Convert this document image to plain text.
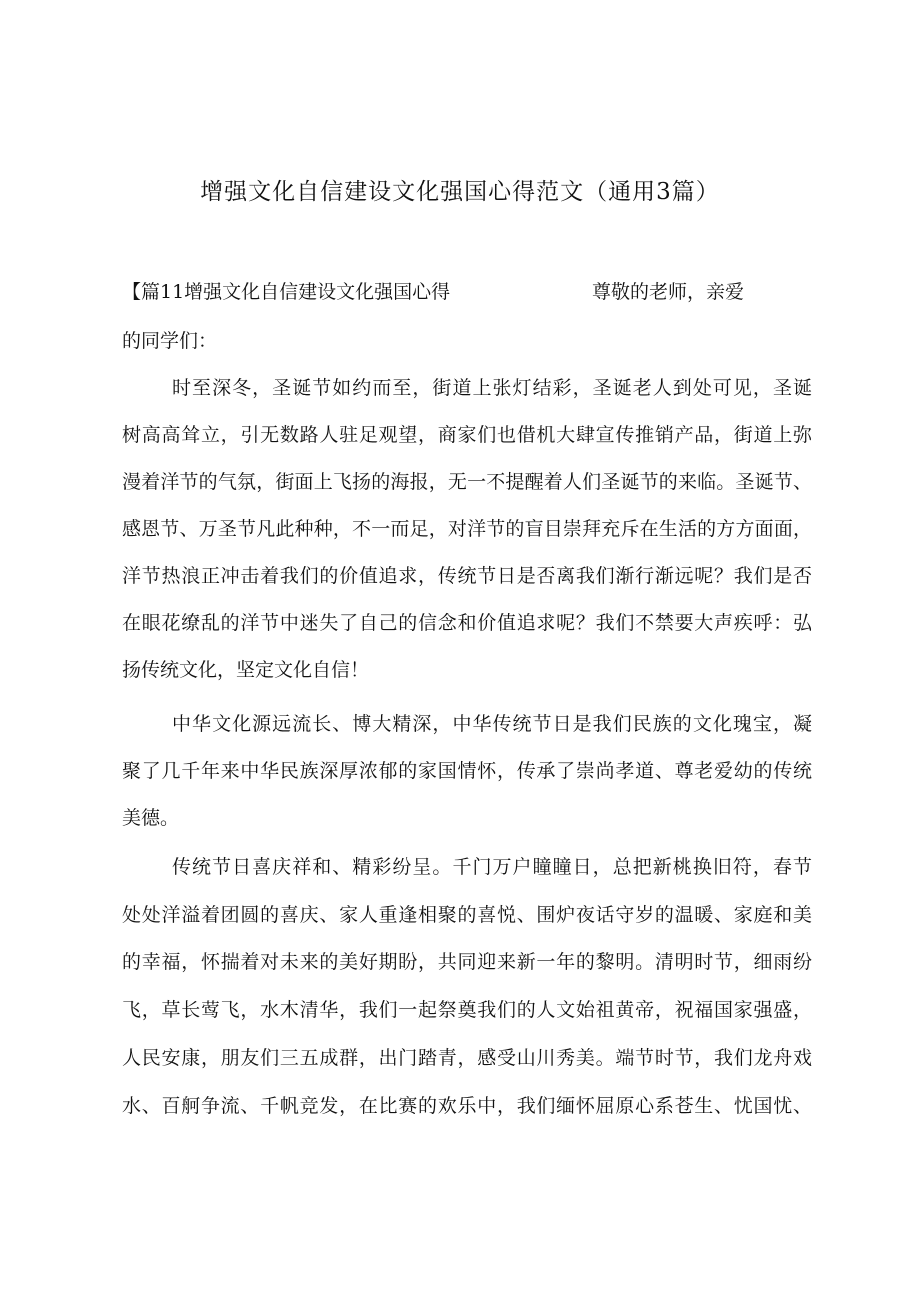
增强文化自信建设文化强国心得范文（通用3篇）
【篇11增强文化自信建设文化强国心得	尊敬的老师，亲爱
的同学们：
时至深冬，圣诞节如约而至，街道上张灯结彩，圣诞老人到处可见，圣诞
树高高耸立，引无数路人驻足观望，商家们也借机大肆宣传推销产品，街道上弥
漫着洋节的气氛，街面上飞扬的海报，无一不提醒着人们圣诞节的来临。圣诞节、
感恩节、万圣节凡此种种，不一而足，对洋节的盲目崇拜充斥在生活的方方面面，
洋节热浪正冲击着我们的价值追求，传统节日是否离我们渐行渐远呢？我们是否
在眼花缭乱的洋节中迷失了自己的信念和价值追求呢？我们不禁要大声疾呼：弘
扬传统文化，坚定文化自信！
中华文化源远流长、博大精深，中华传统节日是我们民族的文化瑰宝，凝
聚了几千年来中华民族深厚浓郁的家国情怀，传承了崇尚孝道、尊老爱幼的传统
美德。
传统节日喜庆祥和、精彩纷呈。千门万户瞳瞳日，总把新桃换旧符，春节
处处洋溢着团圆的喜庆、家人重逢相聚的喜悦、围炉夜话守岁的温暖、家庭和美
的幸福，怀揣着对未来的美好期盼，共同迎来新一年的黎明。清明时节，细雨纷
飞，草长莺飞，水木清华，我们一起祭奠我们的人文始祖黄帝，祝福国家强盛，
人民安康，朋友们三五成群，出门踏青，感受山川秀美。端节时节，我们龙舟戏
水、百舸争流、千帆竞发，在比赛的欢乐中，我们缅怀屈原心系苍生、忧国忧、
